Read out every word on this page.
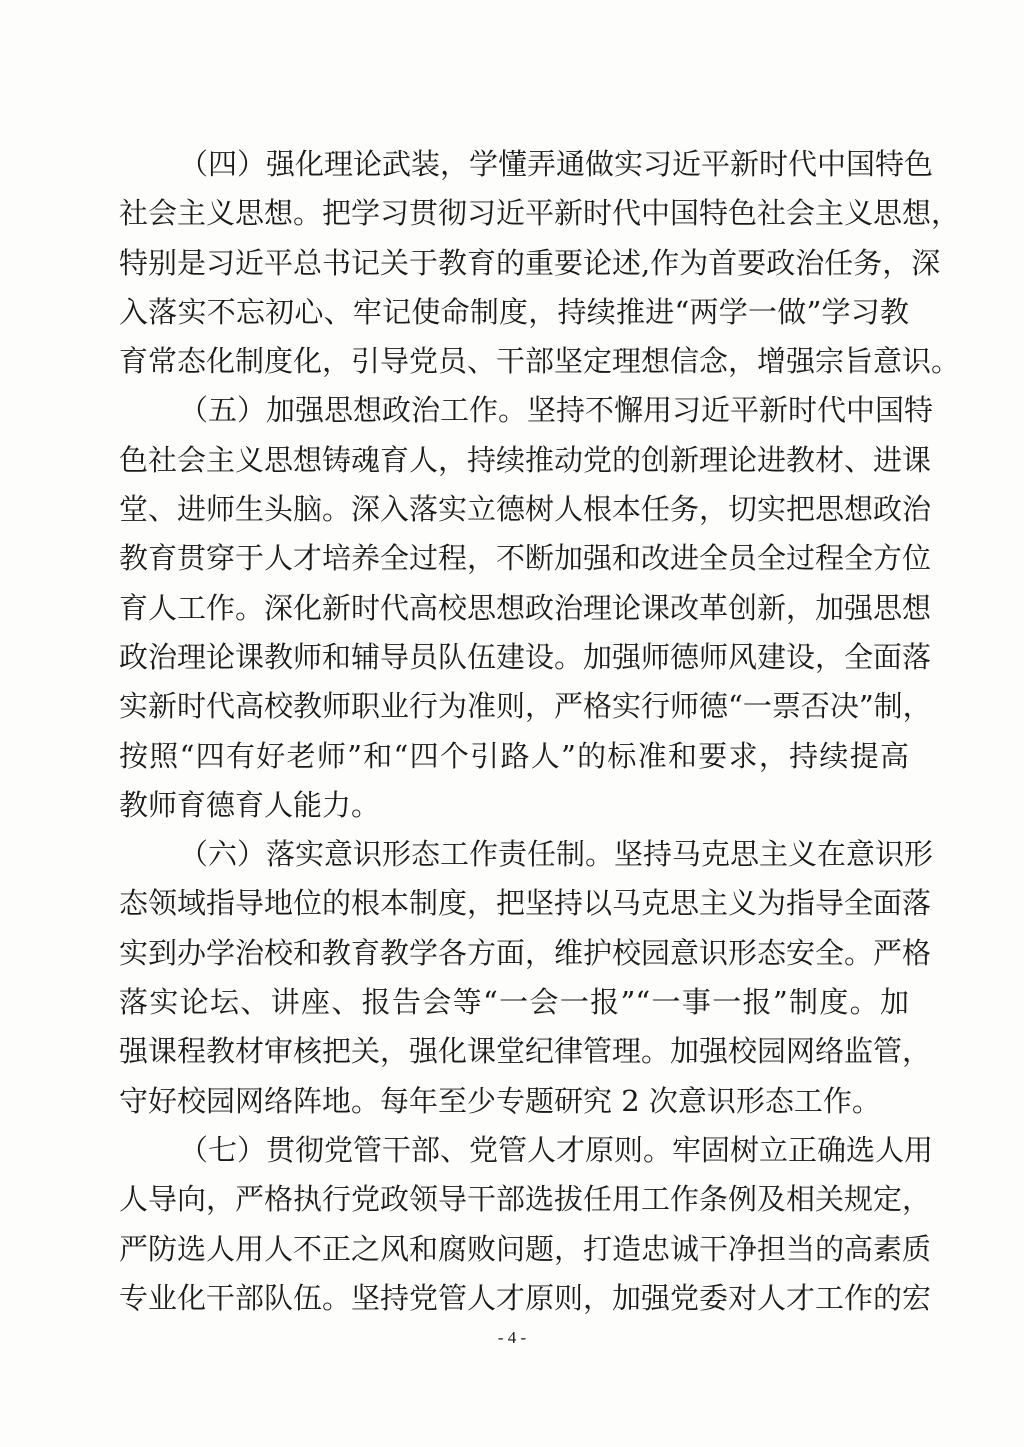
（四）强化理论武装，学懂弄通做实习近平新时代中国特色
社会主义思想。把学习贯彻习近平新时代中国特色社会主义思想，
特别是习近平总书记关于教育的重要论述,作为首要政治任务，深
入落实不忘初心、牢记使命制度，持续推进“两学一做”学习教
育常态化制度化，引导党员、干部坚定理想信念，增强宗旨意识。
（五）加强思想政治工作。坚持不懈用习近平新时代中国特
色社会主义思想铸魂育人，持续推动党的创新理论进教材、进课
堂、进师生头脑。深入落实立德树人根本任务，切实把思想政治
教育贯穿于人才培养全过程，不断加强和改进全员全过程全方位
育人工作。深化新时代高校思想政治理论课改革创新，加强思想
政治理论课教师和辅导员队伍建设。加强师德师风建设，全面落
实新时代高校教师职业行为准则，严格实行师德“一票否决”制，
按照“四有好老师”和“四个引路人”的标准和要求，持续提高
教师育德育人能力。
（六）落实意识形态工作责任制。坚持马克思主义在意识形
态领域指导地位的根本制度，把坚持以马克思主义为指导全面落
实到办学治校和教育教学各方面，维护校园意识形态安全。严格
落实论坛、讲座、报告会等“一会一报”“一事一报”制度。加
强课程教材审核把关，强化课堂纪律管理。加强校园网络监管，
守好校园网络阵地。每年至少专题研究 2 次意识形态工作。
（七）贯彻党管干部、党管人才原则。牢固树立正确选人用
人导向，严格执行党政领导干部选拔任用工作条例及相关规定，
严防选人用人不正之风和腐败问题，打造忠诚干净担当的高素质
专业化干部队伍。坚持党管人才原则，加强党委对人才工作的宏
- 4 -
